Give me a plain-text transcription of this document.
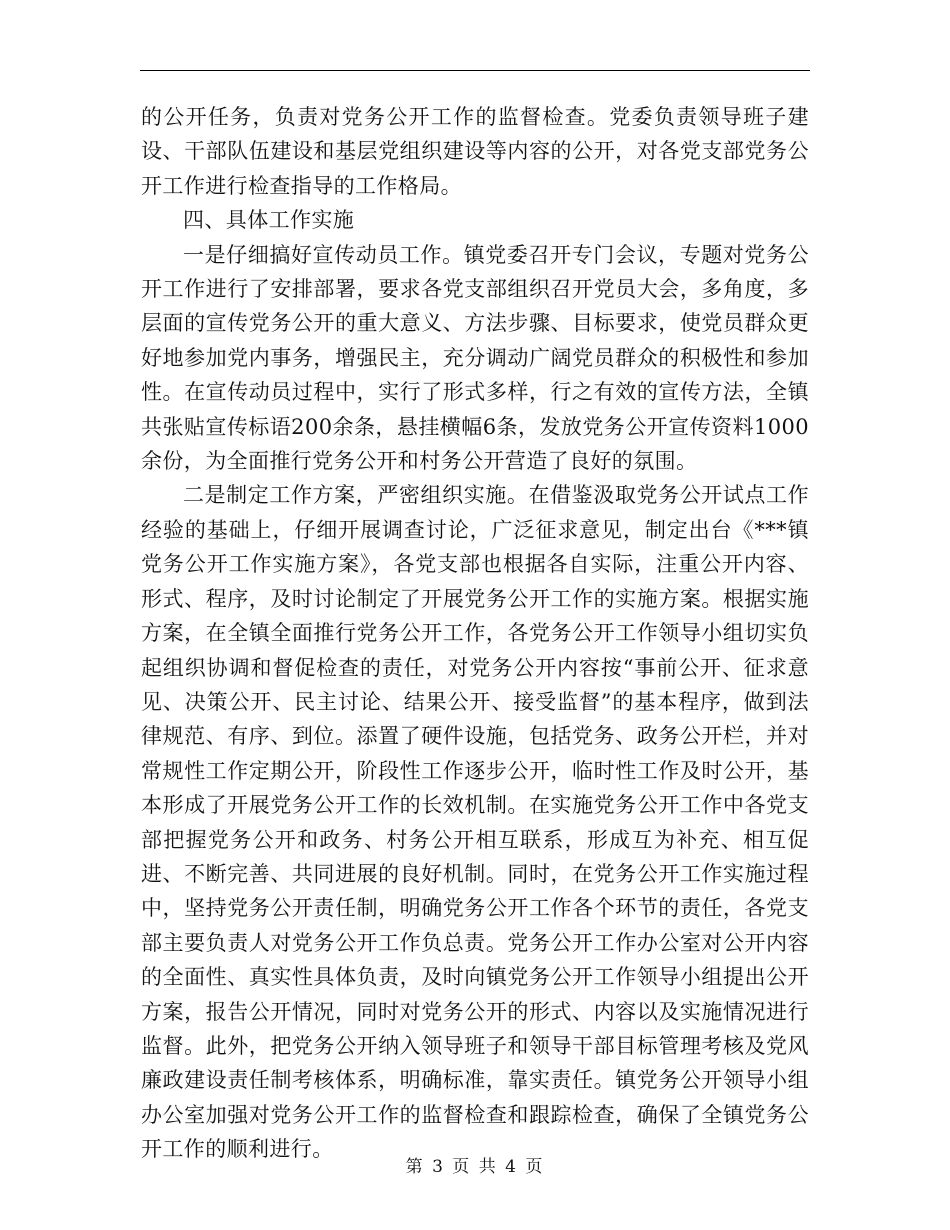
的公开任务，负责对党务公开工作的监督检查。党委负责领导班子建设、干部队伍建设和基层党组织建设等内容的公开，对各党支部党务公开工作进行检查指导的工作格局。

四、具体工作实施

一是仔细搞好宣传动员工作。镇党委召开专门会议，专题对党务公开工作进行了安排部署，要求各党支部组织召开党员大会，多角度，多层面的宣传党务公开的重大意义、方法步骤、目标要求，使党员群众更好地参加党内事务，增强民主，充分调动广阔党员群众的积极性和参加性。在宣传动员过程中，实行了形式多样，行之有效的宣传方法，全镇共张贴宣传标语200余条，悬挂横幅6条，发放党务公开宣传资料1000余份，为全面推行党务公开和村务公开营造了良好的氛围。

二是制定工作方案，严密组织实施。在借鉴汲取党务公开试点工作经验的基础上，仔细开展调查讨论，广泛征求意见，制定出台《***镇党务公开工作实施方案》，各党支部也根据各自实际，注重公开内容、形式、程序，及时讨论制定了开展党务公开工作的实施方案。根据实施方案，在全镇全面推行党务公开工作，各党务公开工作领导小组切实负起组织协调和督促检查的责任，对党务公开内容按“事前公开、征求意见、决策公开、民主讨论、结果公开、接受监督”的基本程序，做到法律规范、有序、到位。添置了硬件设施，包括党务、政务公开栏，并对常规性工作定期公开，阶段性工作逐步公开，临时性工作及时公开，基本形成了开展党务公开工作的长效机制。在实施党务公开工作中各党支部把握党务公开和政务、村务公开相互联系，形成互为补充、相互促进、不断完善、共同进展的良好机制。同时，在党务公开工作实施过程中，坚持党务公开责任制，明确党务公开工作各个环节的责任，各党支部主要负责人对党务公开工作负总责。党务公开工作办公室对公开内容的全面性、真实性具体负责，及时向镇党务公开工作领导小组提出公开方案，报告公开情况，同时对党务公开的形式、内容以及实施情况进行监督。此外，把党务公开纳入领导班子和领导干部目标管理考核及党风廉政建设责任制考核体系，明确标准，靠实责任。镇党务公开领导小组办公室加强对党务公开工作的监督检查和跟踪检查，确保了全镇党务公开工作的顺利进行。

第 3 页 共 4 页
